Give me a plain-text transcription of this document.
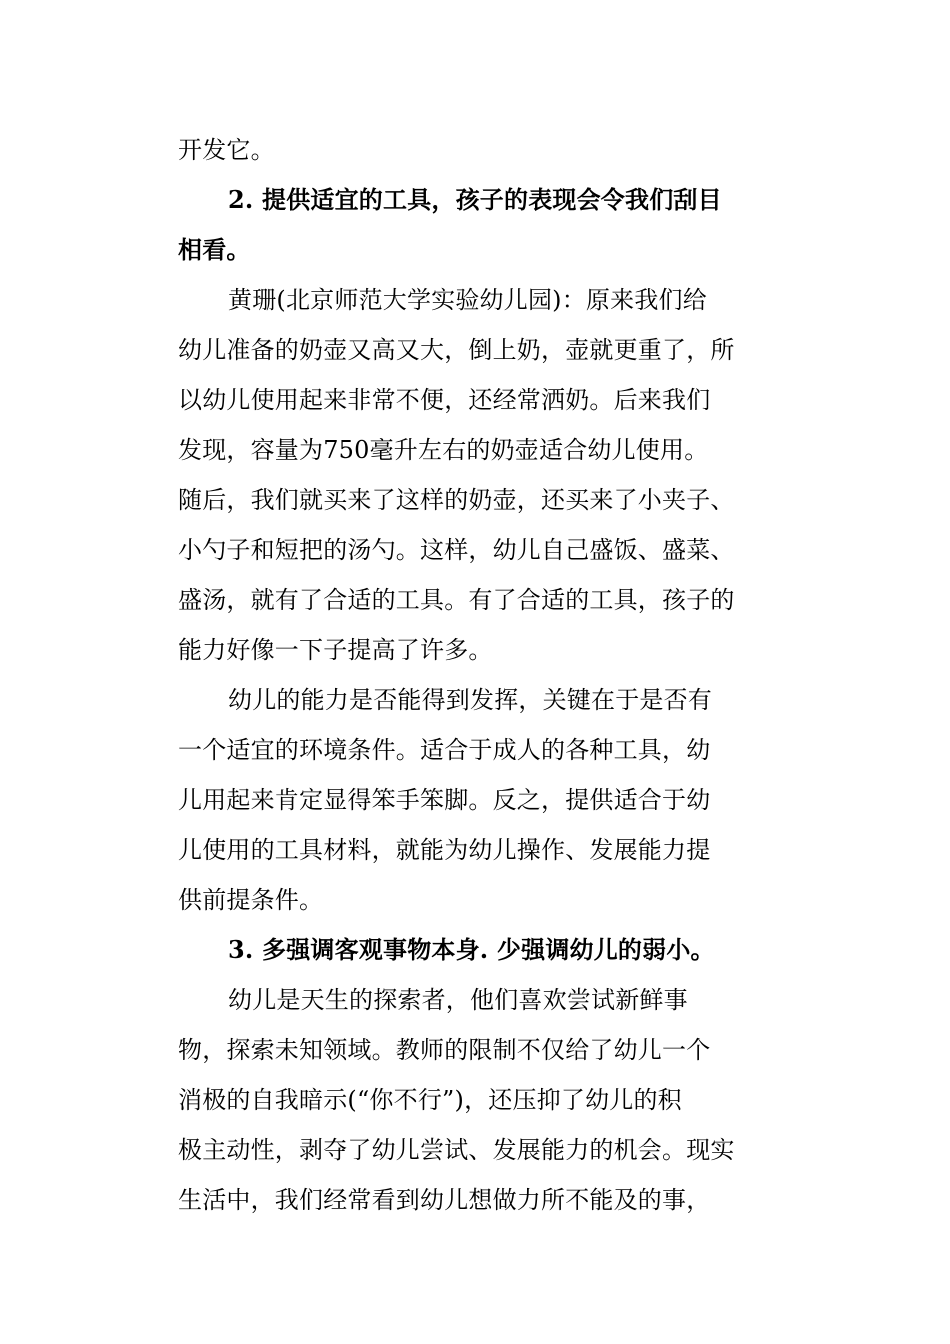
开发它。
2. 提供适宜的工具，孩子的表现会令我们刮目
相看。
黄珊(北京师范大学实验幼儿园)：原来我们给
幼儿准备的奶壶又高又大，倒上奶，壶就更重了，所
以幼儿使用起来非常不便，还经常洒奶。后来我们
发现，容量为750毫升左右的奶壶适合幼儿使用。
随后，我们就买来了这样的奶壶，还买来了小夹子、
小勺子和短把的汤勺。这样，幼儿自己盛饭、盛菜、
盛汤，就有了合适的工具。有了合适的工具，孩子的
能力好像一下子提高了许多。
幼儿的能力是否能得到发挥，关键在于是否有
一个适宜的环境条件。适合于成人的各种工具，幼
儿用起来肯定显得笨手笨脚。反之，提供适合于幼
儿使用的工具材料，就能为幼儿操作、发展能力提
供前提条件。
3. 多强调客观事物本身. 少强调幼儿的弱小。
幼儿是天生的探索者，他们喜欢尝试新鲜事
物，探索未知领域。教师的限制不仅给了幼儿一个
消极的自我暗示(“你不行”)，还压抑了幼儿的积
极主动性，剥夺了幼儿尝试、发展能力的机会。现实
生活中，我们经常看到幼儿想做力所不能及的事，
